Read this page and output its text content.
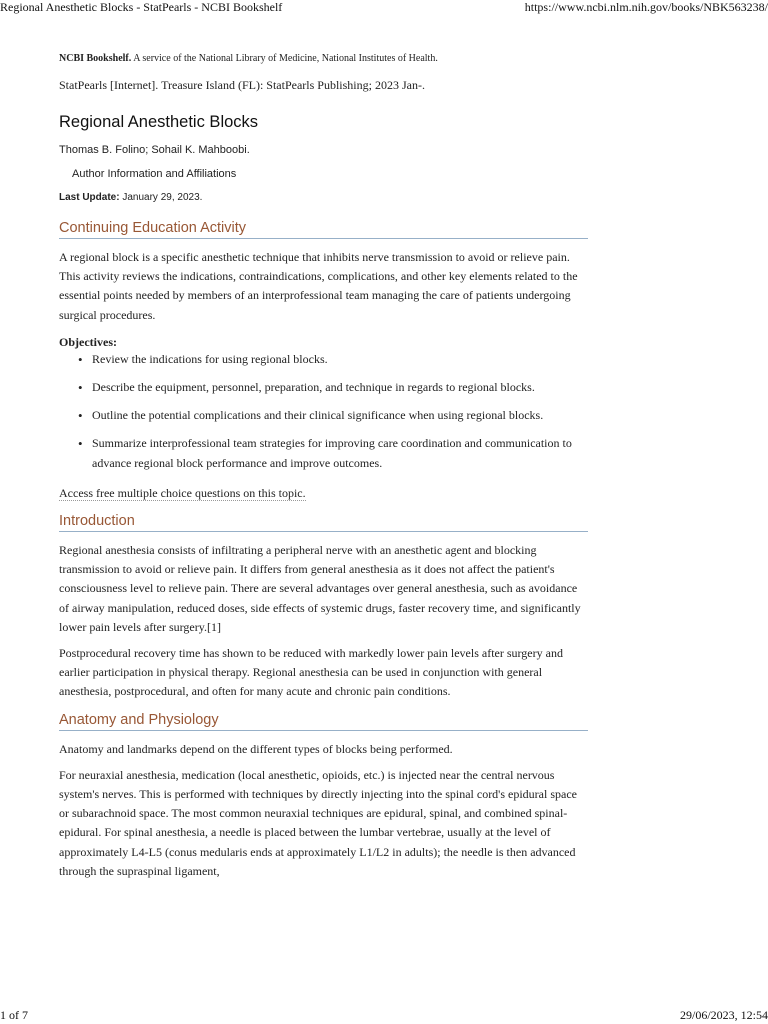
Regional Anesthetic Blocks - StatPearls - NCBI Bookshelf	https://www.ncbi.nlm.nih.gov/books/NBK563238/

NCBI Bookshelf. A service of the National Library of Medicine, National Institutes of Health.

StatPearls [Internet]. Treasure Island (FL): StatPearls Publishing; 2023 Jan-.

Regional Anesthetic Blocks

Thomas B. Folino; Sohail K. Mahboobi.

Author Information and Affiliations

Last Update: January 29, 2023.

Continuing Education Activity

A regional block is a specific anesthetic technique that inhibits nerve transmission to avoid or relieve pain. This activity reviews the indications, contraindications, complications, and other key elements related to the essential points needed by members of an interprofessional team managing the care of patients undergoing surgical procedures.

Objectives:

• Review the indications for using regional blocks.
• Describe the equipment, personnel, preparation, and technique in regards to regional blocks.
• Outline the potential complications and their clinical significance when using regional blocks.
• Summarize interprofessional team strategies for improving care coordination and communication to advance regional block performance and improve outcomes.

Access free multiple choice questions on this topic.

Introduction

Regional anesthesia consists of infiltrating a peripheral nerve with an anesthetic agent and blocking transmission to avoid or relieve pain. It differs from general anesthesia as it does not affect the patient's consciousness level to relieve pain. There are several advantages over general anesthesia, such as avoidance of airway manipulation, reduced doses, side effects of systemic drugs, faster recovery time, and significantly lower pain levels after surgery.[1]

Postprocedural recovery time has shown to be reduced with markedly lower pain levels after surgery and earlier participation in physical therapy. Regional anesthesia can be used in conjunction with general anesthesia, postprocedural, and often for many acute and chronic pain conditions.

Anatomy and Physiology

Anatomy and landmarks depend on the different types of blocks being performed.

For neuraxial anesthesia, medication (local anesthetic, opioids, etc.) is injected near the central nervous system's nerves. This is performed with techniques by directly injecting into the spinal cord's epidural space or subarachnoid space. The most common neuraxial techniques are epidural, spinal, and combined spinal-epidural. For spinal anesthesia, a needle is placed between the lumbar vertebrae, usually at the level of approximately L4-L5 (conus medularis ends at approximately L1/L2 in adults); the needle is then advanced through the supraspinal ligament,

1 of 7	29/06/2023, 12:54
